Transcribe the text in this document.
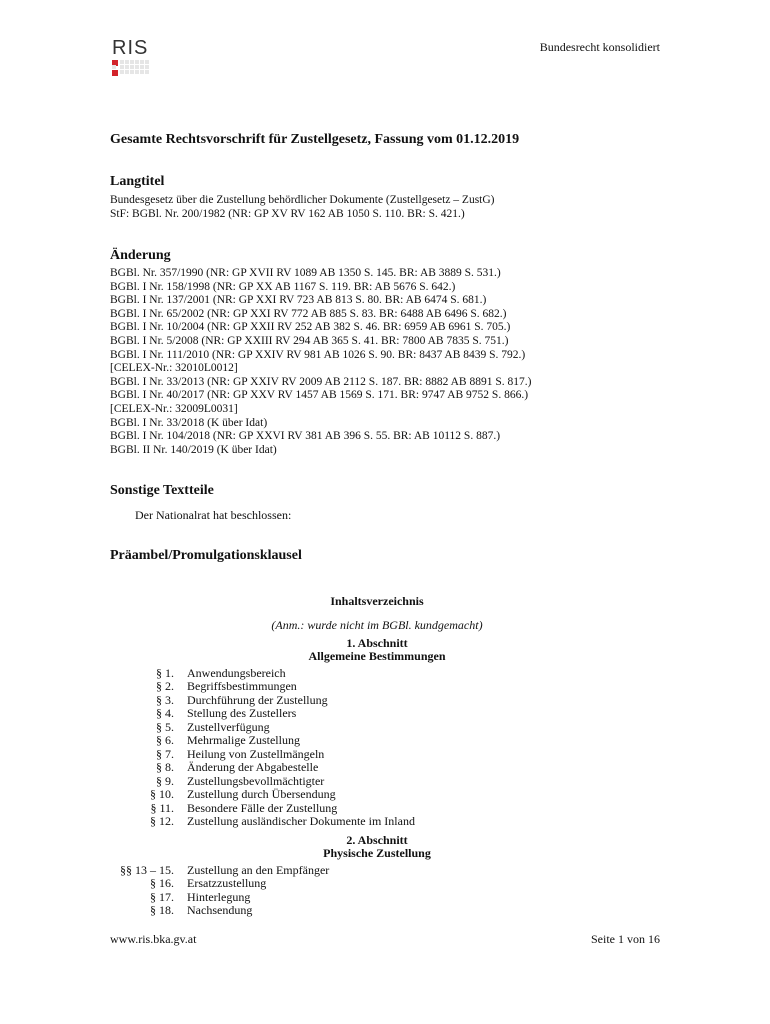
RIS	Bundesrecht konsolidiert
Gesamte Rechtsvorschrift für Zustellgesetz, Fassung vom 01.12.2019
Langtitel
Bundesgesetz über die Zustellung behördlicher Dokumente (Zustellgesetz – ZustG)
StF: BGBl. Nr. 200/1982 (NR: GP XV RV 162 AB 1050 S. 110. BR: S. 421.)
Änderung
BGBl. Nr. 357/1990 (NR: GP XVII RV 1089 AB 1350 S. 145. BR: AB 3889 S. 531.)
BGBl. I Nr. 158/1998 (NR: GP XX AB 1167 S. 119. BR: AB 5676 S. 642.)
BGBl. I Nr. 137/2001 (NR: GP XXI RV 723 AB 813 S. 80. BR: AB 6474 S. 681.)
BGBl. I Nr. 65/2002 (NR: GP XXI RV 772 AB 885 S. 83. BR: 6488 AB 6496 S. 682.)
BGBl. I Nr. 10/2004 (NR: GP XXII RV 252 AB 382 S. 46. BR: 6959 AB 6961 S. 705.)
BGBl. I Nr. 5/2008 (NR: GP XXIII RV 294 AB 365 S. 41. BR: 7800 AB 7835 S. 751.)
BGBl. I Nr. 111/2010 (NR: GP XXIV RV 981 AB 1026 S. 90. BR: 8437 AB 8439 S. 792.)
[CELEX-Nr.: 32010L0012]
BGBl. I Nr. 33/2013 (NR: GP XXIV RV 2009 AB 2112 S. 187. BR: 8882 AB 8891 S. 817.)
BGBl. I Nr. 40/2017 (NR: GP XXV RV 1457 AB 1569 S. 171. BR: 9747 AB 9752 S. 866.)
[CELEX-Nr.: 32009L0031]
BGBl. I Nr. 33/2018 (K über Idat)
BGBl. I Nr. 104/2018 (NR: GP XXVI RV 381 AB 396 S. 55. BR: AB 10112 S. 887.)
BGBl. II Nr. 140/2019 (K über Idat)
Sonstige Textteile
Der Nationalrat hat beschlossen:
Präambel/Promulgationsklausel
Inhaltsverzeichnis
(Anm.: wurde nicht im BGBl. kundgemacht)
1. Abschnitt
Allgemeine Bestimmungen
§ 1.	Anwendungsbereich
§ 2.	Begriffsbestimmungen
§ 3.	Durchführung der Zustellung
§ 4.	Stellung des Zustellers
§ 5.	Zustellverfügung
§ 6.	Mehrmalige Zustellung
§ 7.	Heilung von Zustellmängeln
§ 8.	Änderung der Abgabestelle
§ 9.	Zustellungsbevollmächtigter
§ 10.	Zustellung durch Übersendung
§ 11.	Besondere Fälle der Zustellung
§ 12.	Zustellung ausländischer Dokumente im Inland
2. Abschnitt
Physische Zustellung
§§ 13 – 15.	Zustellung an den Empfänger
§ 16.	Ersatzzustellung
§ 17.	Hinterlegung
§ 18.	Nachsendung
www.ris.bka.gv.at	Seite 1 von 16
